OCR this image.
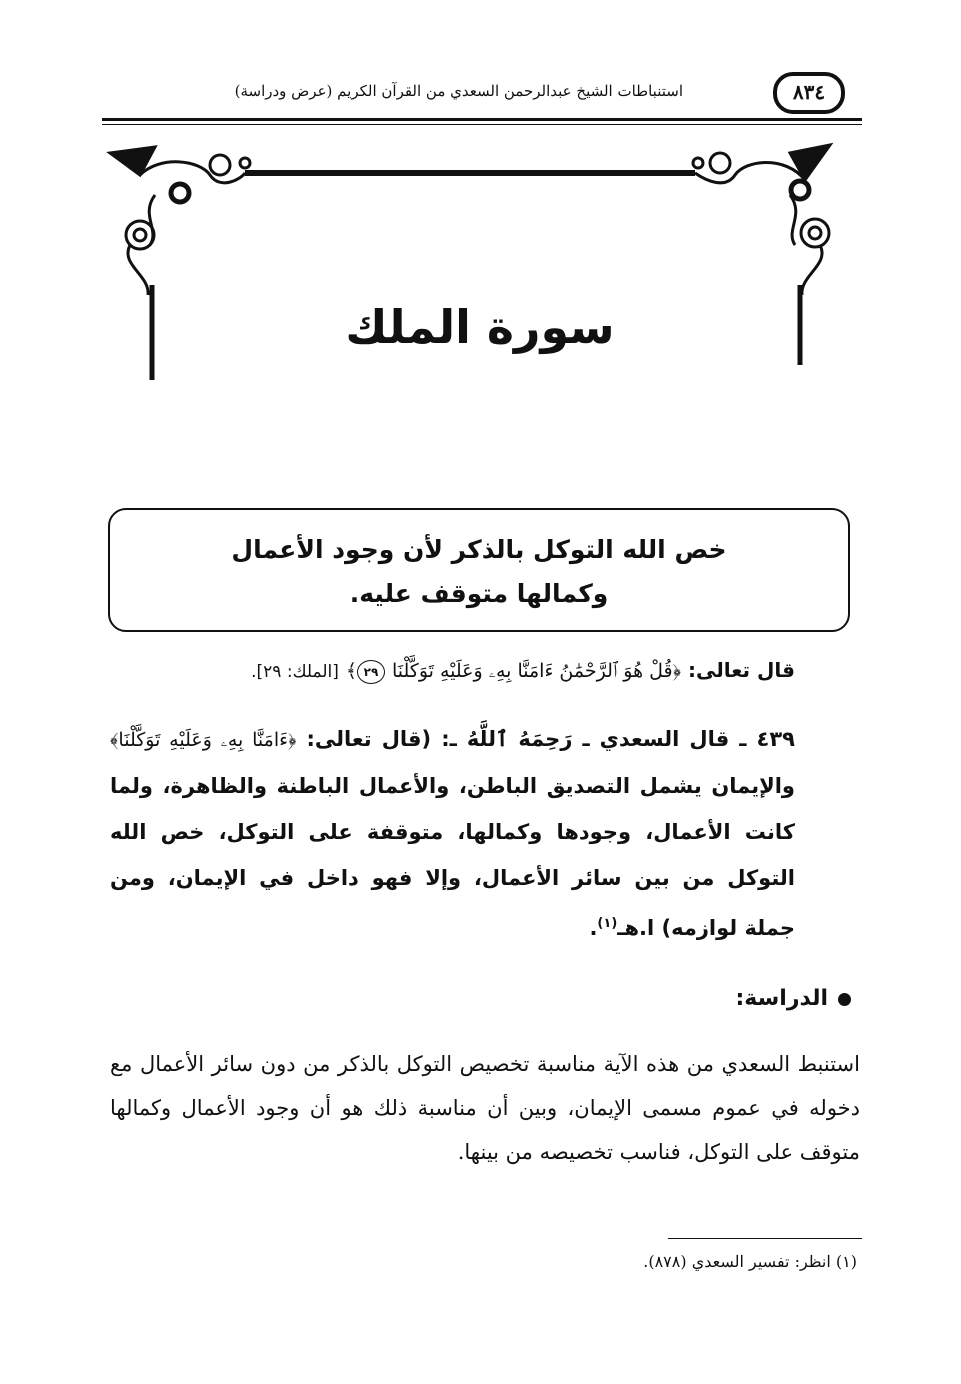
استنباطات الشيخ عبدالرحمن السعدي من القرآن الكريم (عرض ودراسة)	٨٣٤
سورة الملك
خص الله التوكل بالذكر لأن وجود الأعمال
وكمالها متوقف عليه.
قال تعالى: ﴿قُلْ هُوَ ٱلرَّحْمَٰنُ ءَامَنَّا بِهِۦ وَعَلَيْهِ تَوَكَّلْنَا ٢٩﴾ [الملك: ٢٩].
٤٣٩ ـ قال السعدي ـ رَحِمَهُ ٱللَّهُ ـ: (قال تعالى: ﴿ءَامَنَّا بِهِۦ وَعَلَيْهِ تَوَكَّلْنَا﴾ والإيمان يشمل التصديق الباطن، والأعمال الباطنة والظاهرة، ولما كانت الأعمال، وجودها وكمالها، متوقفة على التوكل، خص الله التوكل من بين سائر الأعمال، وإلا فهو داخل في الإيمان، ومن جملة لوازمه) ا.هـ$^{(١)}$.
الدراسة:
استنبط السعدي من هذه الآية مناسبة تخصيص التوكل بالذكر من دون سائر الأعمال مع دخوله في عموم مسمى الإيمان، وبين أن مناسبة ذلك هو أن وجود الأعمال وكمالها متوقف على التوكل، فناسب تخصيصه من بينها.
(١) انظر: تفسير السعدي (٨٧٨).
